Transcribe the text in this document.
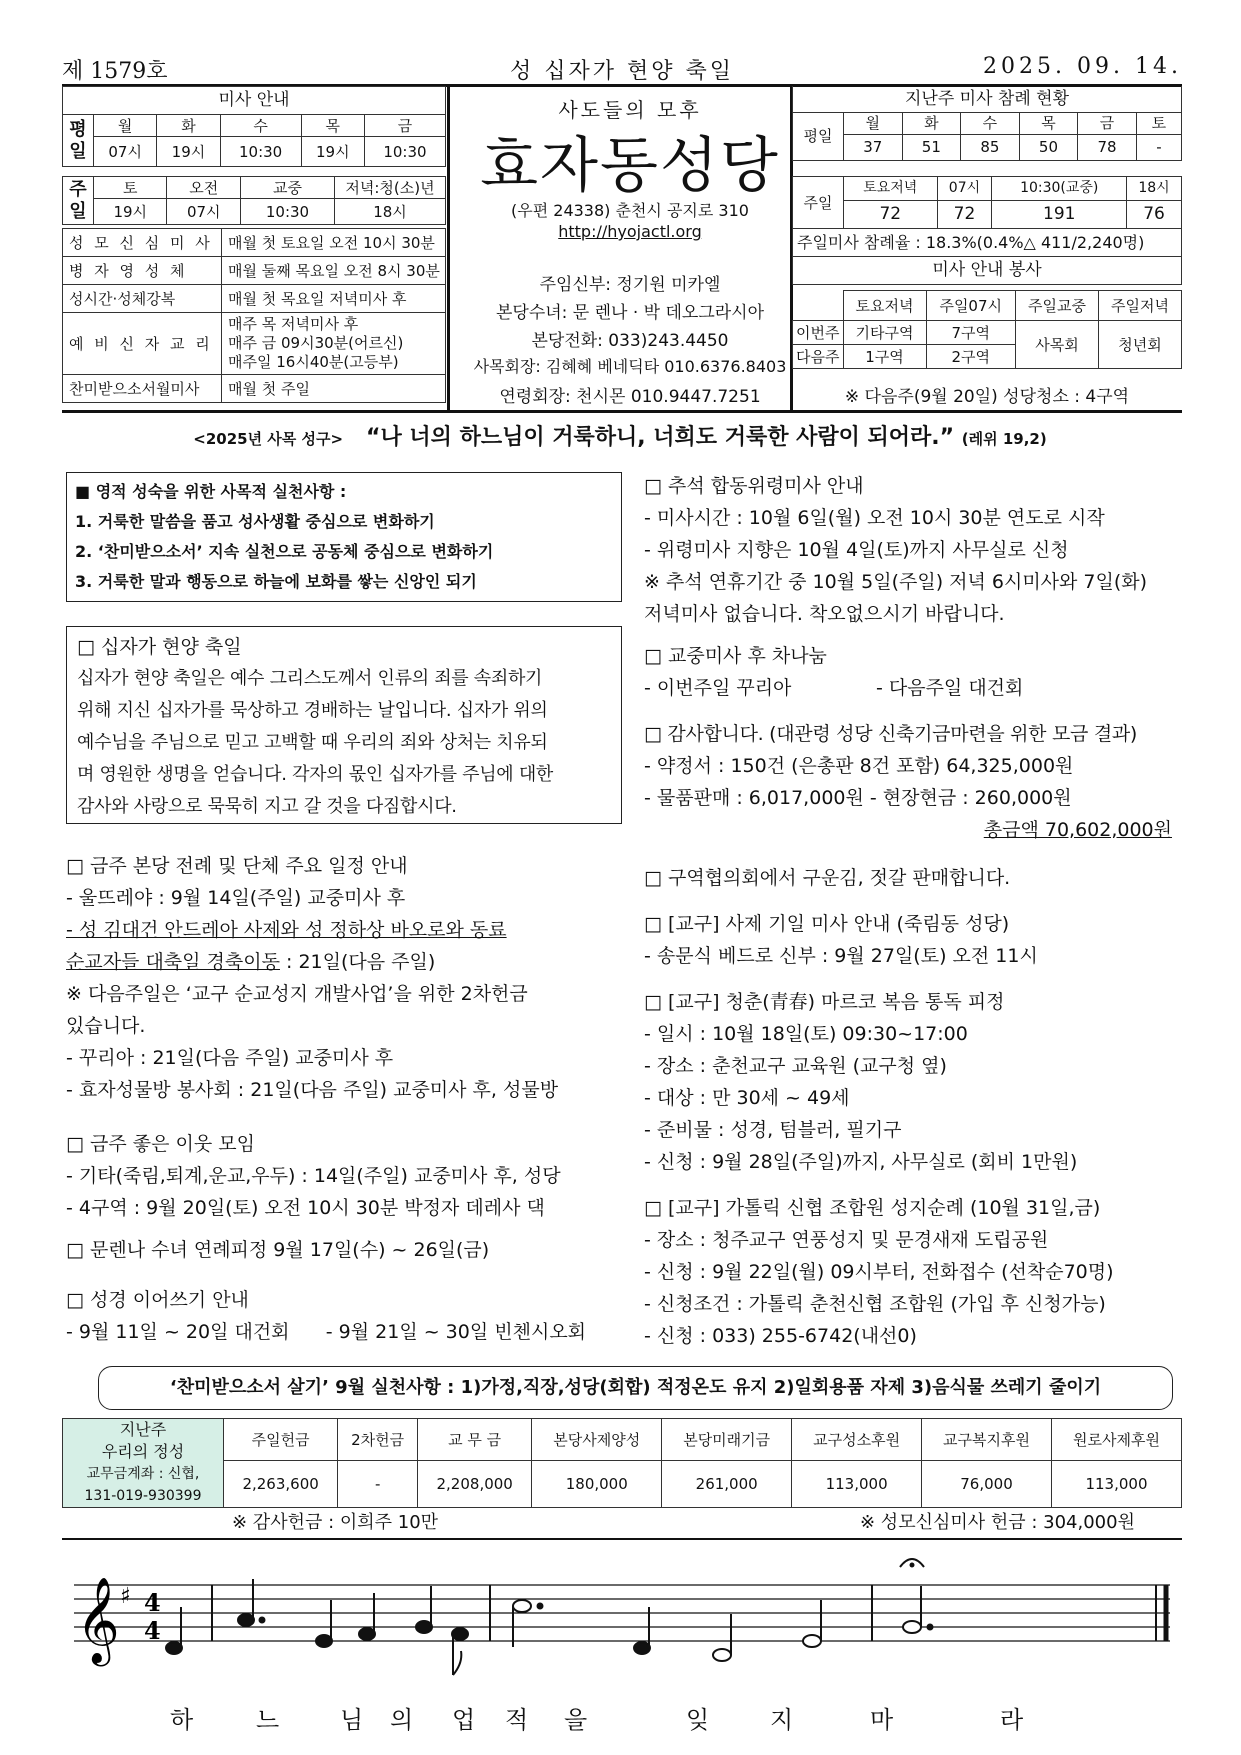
제 1579호	성 십자가 현양 축일	2025. 09. 14.
미사 안내					
평일	월	화	수	목	금
	07시	19시	10:30	19시	10:30
주일	토	오전	교중	저녁:청(소)년
	19시	07시	10:30	18시
성 모 신 심 미 사	매월 첫 토요일 오전 10시 30분
병 자 영 성 체	매월 둘째 목요일 오전 8시 30분
성시간·성체강복	매월 첫 목요일 저녁미사 후
예 비 신 자 교 리	매주 목 저녁미사 후
매주 금 09시30분(어르신)
매주일 16시40분(고등부)

찬미받으소서월미사	매월 첫 주일
사도들의 모후
효자동성당
(우편 24338) 춘천시 공지로 310
http://hyojactl.org
주임신부: 정기원 미카엘
본당수녀: 문 렌나 · 박 데오그라시아
본당전화: 033)243.4450
사목회장: 김혜혜 베네딕타 010.6376.8403
연령회장: 천시몬 010.9447.7251
지난주 미사 참례 현황						
평일	월	화	수	목	금	토
	37	51	85	50	78	-
주일	토요저녁	07시	10:30(교중)	18시
	72	72	191	76
주일미사 참례율 : 18.3%(0.4%△ 411/2,240명)				
미사 안내 봉사				
	토요저녁	주일07시	주일교중	주일저녁
이번주	기타구역	7구역	사목회	청년회
다음주	1구역	2구역		
※ 다음주(9월 20일) 성당청소 : 4구역
<2025년 사목 성구> “나 너의 하느님이 거룩하니, 너희도 거룩한 사람이 되어라.” (레위 19,2)

■ 영적 성숙을 위한 사목적 실천사항 :

1. 거룩한 말씀을 품고 성사생활 중심으로 변화하기

2. ‘찬미받으소서’ 지속 실천으로 공동체 중심으로 변화하기

3. 거룩한 말과 행동으로 하늘에 보화를 쌓는 신앙인 되기

□ 십자가 현양 축일

십자가 현양 축일은 예수 그리스도께서 인류의 죄를 속죄하기

위해 지신 십자가를 묵상하고 경배하는 날입니다. 십자가 위의

예수님을 주님으로 믿고 고백할 때 우리의 죄와 상처는 치유되

며 영원한 생명을 얻습니다. 각자의 몫인 십자가를 주님에 대한

감사와 사랑으로 묵묵히 지고 갈 것을 다짐합시다.

□ 금주 본당 전례 및 단체 주요 일정 안내

- 울뜨레야 : 9월 14일(주일) 교중미사 후

- 성 김대건 안드레아 사제와 성 정하상 바오로와 동료

순교자들 대축일 경축이동 : 21일(다음 주일)

※ 다음주일은 ‘교구 순교성지 개발사업’을 위한 2차헌금

있습니다.

- 꾸리아 : 21일(다음 주일) 교중미사 후

- 효자성물방 봉사회 : 21일(다음 주일) 교중미사 후, 성물방

□ 금주 좋은 이웃 모임

- 기타(죽림,퇴계,운교,우두) : 14일(주일) 교중미사 후, 성당

- 4구역 : 9월 20일(토) 오전 10시 30분 박정자 데레사 댁

□ 문렌나 수녀 연례피정 9월 17일(수) ~ 26일(금)

□ 성경 이어쓰기 안내

- 9월 11일 ~ 20일 대건회      - 9월 21일 ~ 30일 빈첸시오회

□ 추석 합동위령미사 안내

- 미사시간 : 10월 6일(월) 오전 10시 30분 연도로 시작

- 위령미사 지향은 10월 4일(토)까지 사무실로 신청

※ 추석 연휴기간 중 10월 5일(주일) 저녁 6시미사와 7일(화)

저녁미사 없습니다. 착오없으시기 바랍니다.

□ 교중미사 후 차나눔

- 이번주일 꾸리아              - 다음주일 대건회

□ 감사합니다. (대관령 성당 신축기금마련을 위한 모금 결과)

- 약정서 : 150건 (은총판 8건 포함) 64,325,000원

- 물품판매 : 6,017,000원 - 현장현금 : 260,000원

총금액 70,602,000원

□ 구역협의회에서 구운김, 젓갈 판매합니다.

□ [교구] 사제 기일 미사 안내 (죽림동 성당)

- 송문식 베드로 신부 : 9월 27일(토) 오전 11시

□ [교구] 청춘(青春) 마르코 복음 통독 피정

- 일시 : 10월 18일(토) 09:30~17:00

- 장소 : 춘천교구 교육원 (교구청 옆)

- 대상 : 만 30세 ~ 49세

- 준비물 : 성경, 텀블러, 필기구

- 신청 : 9월 28일(주일)까지, 사무실로 (회비 1만원)

□ [교구] 가톨릭 신협 조합원 성지순례 (10월 31일,금)

- 장소 : 청주교구 연풍성지 및 문경새재 도립공원

- 신청 : 9월 22일(월) 09시부터, 전화접수 (선착순70명)

- 신청조건 : 가톨릭 춘천신협 조합원 (가입 후 신청가능)

- 신청 : 033) 255-6742(내선0)

‘찬미받으소서 살기’ 9월 실천사항 : 1)가정,직장,성당(회합) 적정온도 유지 2)일회용품 자제 3)음식물 쓰레기 줄이기
지난주
우리의 정성
교무금계좌 : 신협,
131-019-930399	주일헌금	2차헌금	교 무 금	본당사제양성	본당미래기금	교구성소후원	교구복지후원	원로사제후원
	2,263,600	-	2,208,000	180,000	261,000	113,000	76,000	113,000
※ 감사헌금 : 이희주 10만	※ 성모신심미사 헌금 : 304,000원
𝄞 ♯ 4
4
하	느 님 의 업 적 을	잊 지	마	라
